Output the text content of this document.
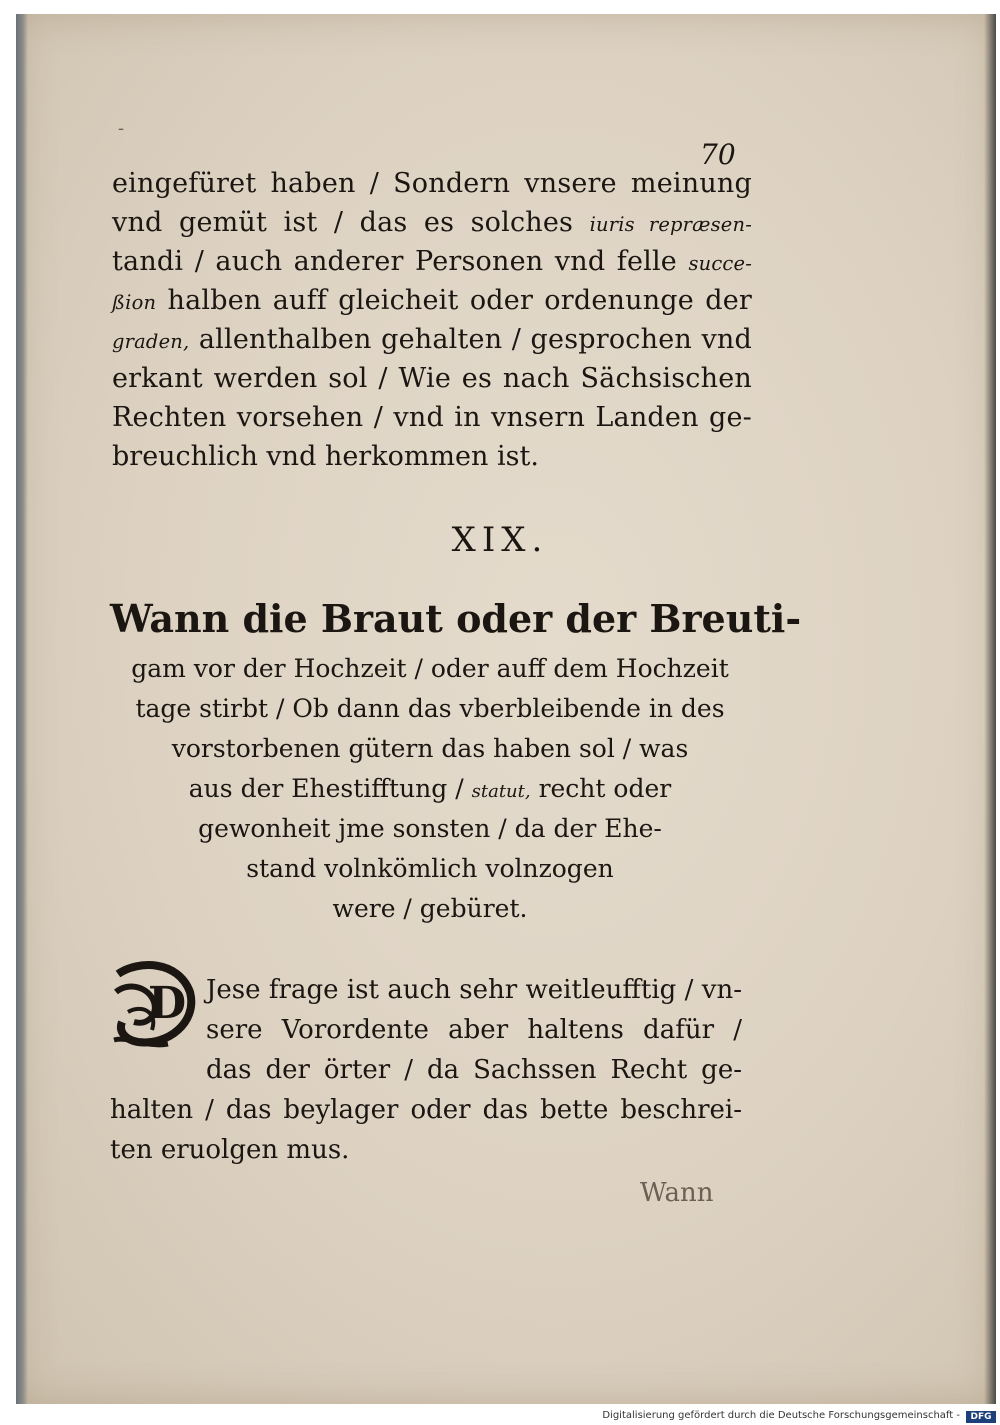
-
70
eingefüret haben / Sondern vnsere meinung
vnd gemüt ist / das es solches iuris repræsen-
tandi / auch anderer Personen vnd felle succe-
ßion halben auff gleicheit oder ordenunge der
graden, allenthalben gehalten / gesprochen vnd
erkant werden sol / Wie es nach Sächsischen
Rechten vorsehen / vnd in vnsern Landen ge-
breuchlich vnd herkommen ist.
XIX.
Wann die Braut oder der Breuti-
gam vor der Hochzeit / oder auff dem Hochzeit
tage stirbt / Ob dann das vberbleibende in des
vorstorbenen gütern das haben sol / was
aus der Ehestifftung / statut, recht oder
gewonheit jme sonsten / da der Ehe-
stand volnkömlich volnzogen
were / gebüret.
D Jese frage ist auch sehr weitleufftig / vn-
sere Vorordente aber haltens dafür /
das der örter / da Sachssen Recht ge-
halten / das beylager oder das bette beschrei-
ten eruolgen mus.
Wann
Digitalisierung gefördert durch die Deutsche Forschungsgemeinschaft -	DFG
